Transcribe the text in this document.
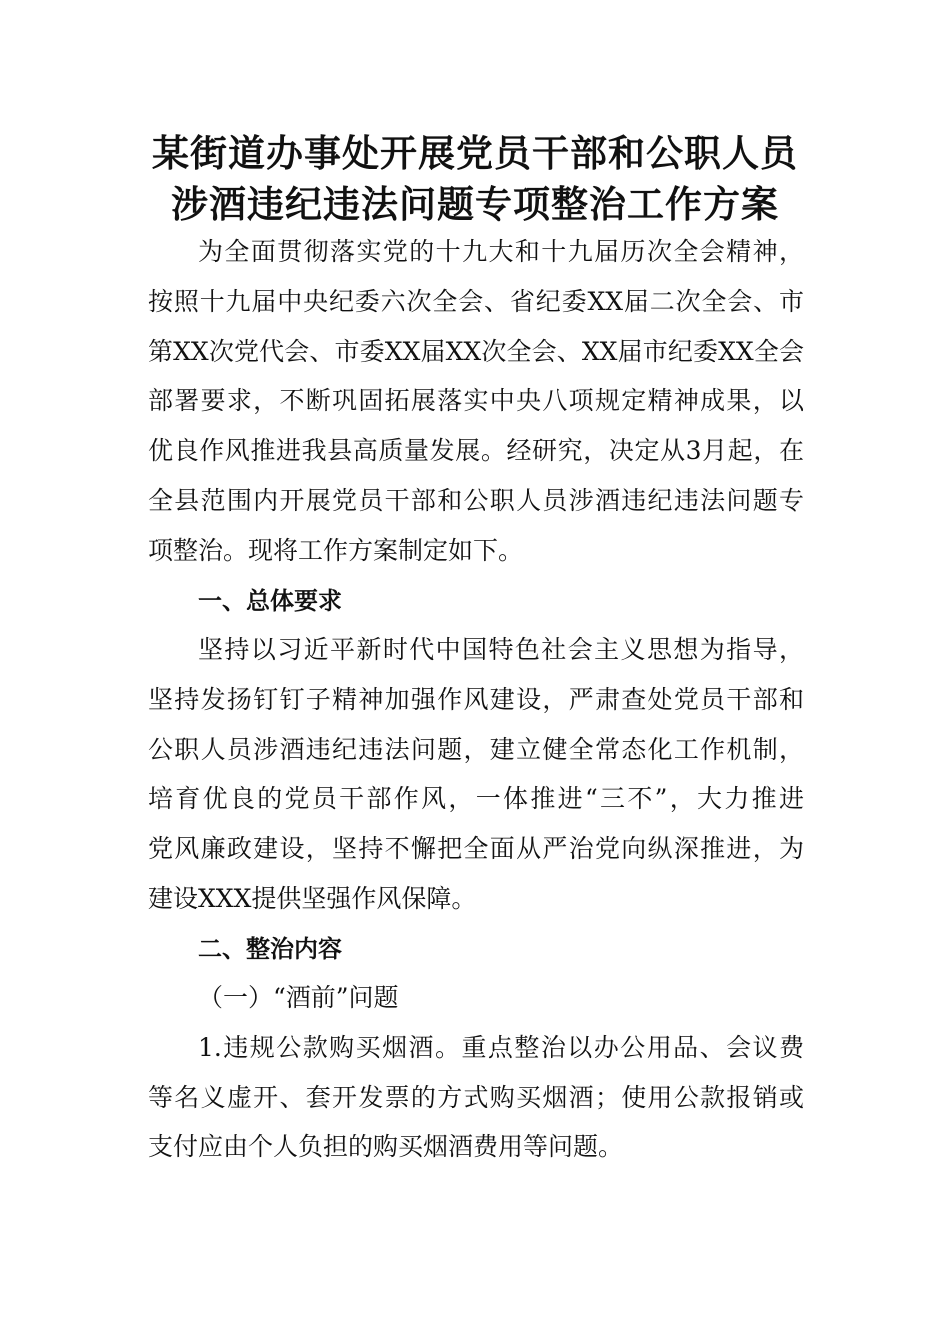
某街道办事处开展党员干部和公职人员
涉酒违纪违法问题专项整治工作方案
为全面贯彻落实党的十九大和十九届历次全会精神，
按照十九届中央纪委六次全会、省纪委XX届二次全会、市
第XX次党代会、市委XX届XX次全会、XX届市纪委XX全会
部署要求，不断巩固拓展落实中央八项规定精神成果，以
优良作风推进我县高质量发展。经研究，决定从3月起，在
全县范围内开展党员干部和公职人员涉酒违纪违法问题专
项整治。现将工作方案制定如下。
一、总体要求
坚持以习近平新时代中国特色社会主义思想为指导，
坚持发扬钉钉子精神加强作风建设，严肃查处党员干部和
公职人员涉酒违纪违法问题，建立健全常态化工作机制，
培育优良的党员干部作风，一体推进“三不”，大力推进
党风廉政建设，坚持不懈把全面从严治党向纵深推进，为
建设XXX提供坚强作风保障。
二、整治内容
（一）“酒前”问题
1.违规公款购买烟酒。重点整治以办公用品、会议费
等名义虚开、套开发票的方式购买烟酒；使用公款报销或
支付应由个人负担的购买烟酒费用等问题。
